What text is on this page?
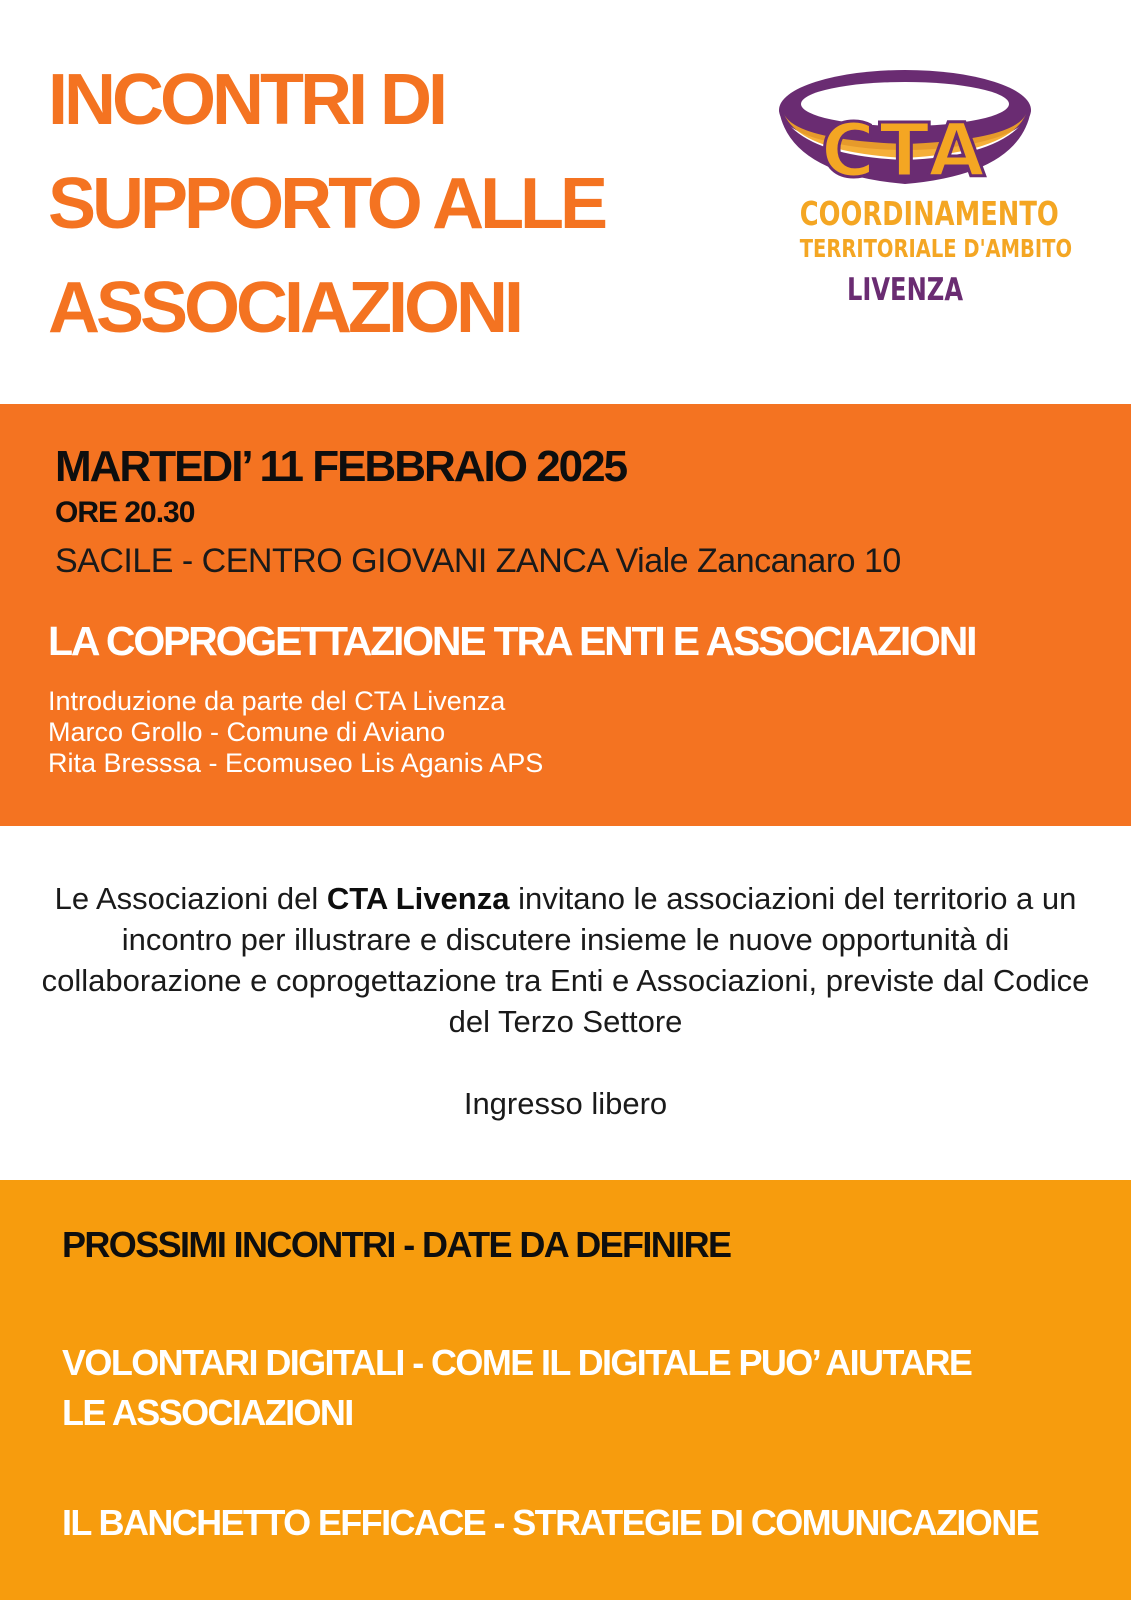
INCONTRI DI
SUPPORTO ALLE
ASSOCIAZIONI
CTA
COORDINAMENTO
TERRITORIALE D'AMBITO
LIVENZA
MARTEDI’ 11 FEBBRAIO 2025

ORE 20.30

SACILE - CENTRO GIOVANI ZANCA Viale Zancanaro 10

LA COPROGETTAZIONE TRA ENTI E ASSOCIAZIONI
Introduzione da parte del CTA Livenza
Marco Grollo - Comune di Aviano
Rita Bresssa - Ecomuseo Lis Aganis APS

Le Associazioni del CTA Livenza invitano le associazioni del territorio a un incontro per illustrare e discutere insieme le nuove opportunità di collaborazione e coprogettazione tra Enti e Associazioni, previste dal Codice del Terzo Settore

Ingresso libero

PROSSIMI INCONTRI - DATE DA DEFINIRE

VOLONTARI DIGITALI - COME IL DIGITALE PUO’ AIUTARE
LE ASSOCIAZIONI

IL BANCHETTO EFFICACE - STRATEGIE DI COMUNICAZIONE
